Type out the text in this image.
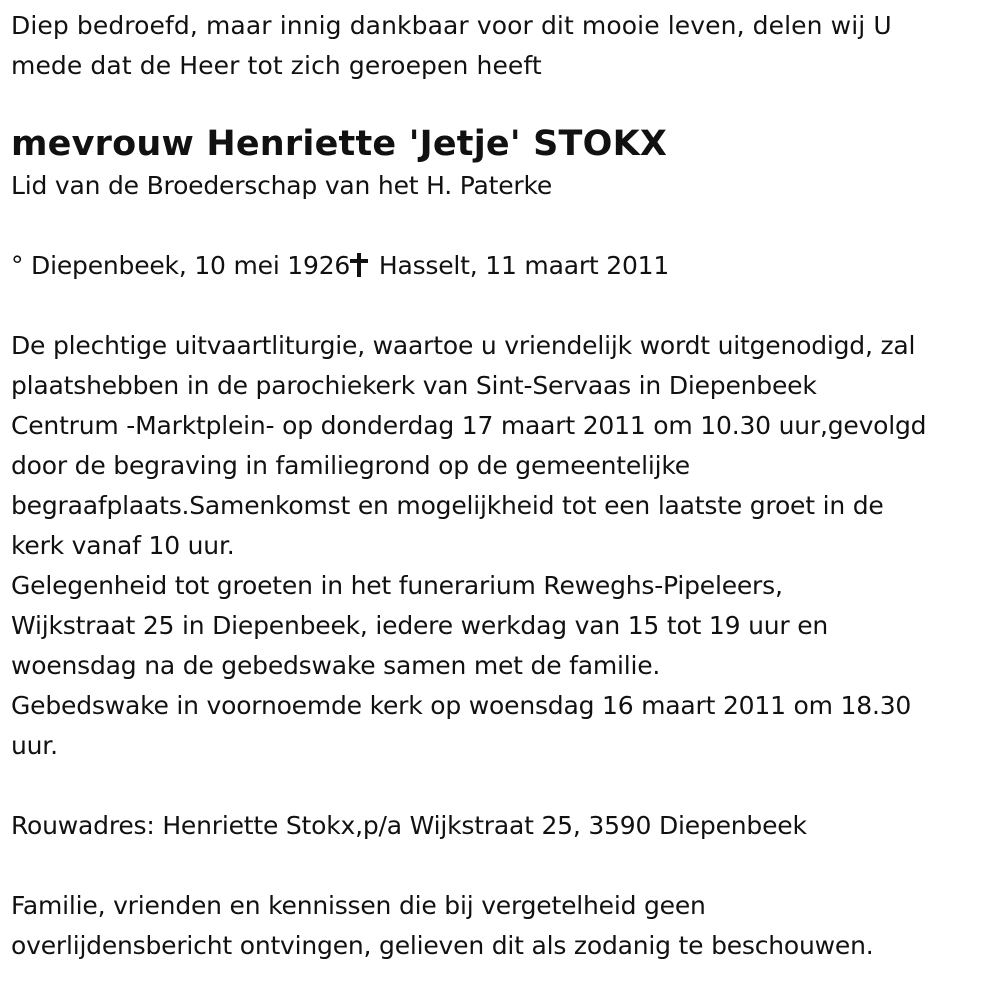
Diep bedroefd, maar innig dankbaar voor dit mooie leven, delen wij U
mede dat de Heer tot zich geroepen heeft
mevrouw Henriette 'Jetje' STOKX
Lid van de Broederschap van het H. Paterke
° Diepenbeek, 10 mei 1926 Hasselt, 11 maart 2011
De plechtige uitvaartliturgie, waartoe u vriendelijk wordt uitgenodigd, zal
plaatshebben in de parochiekerk van Sint-Servaas in Diepenbeek
Centrum -Marktplein- op donderdag 17 maart 2011 om 10.30 uur,gevolgd
door de begraving in familiegrond op de gemeentelijke
begraafplaats.Samenkomst en mogelijkheid tot een laatste groet in de
kerk vanaf 10 uur.
Gelegenheid tot groeten in het funerarium Reweghs-Pipeleers,
Wijkstraat 25 in Diepenbeek, iedere werkdag van 15 tot 19 uur en
woensdag na de gebedswake samen met de familie.
Gebedswake in voornoemde kerk op woensdag 16 maart 2011 om 18.30
uur.
Rouwadres: Henriette Stokx,p/a Wijkstraat 25, 3590 Diepenbeek
Familie, vrienden en kennissen die bij vergetelheid geen
overlijdensbericht ontvingen, gelieven dit als zodanig te beschouwen.
